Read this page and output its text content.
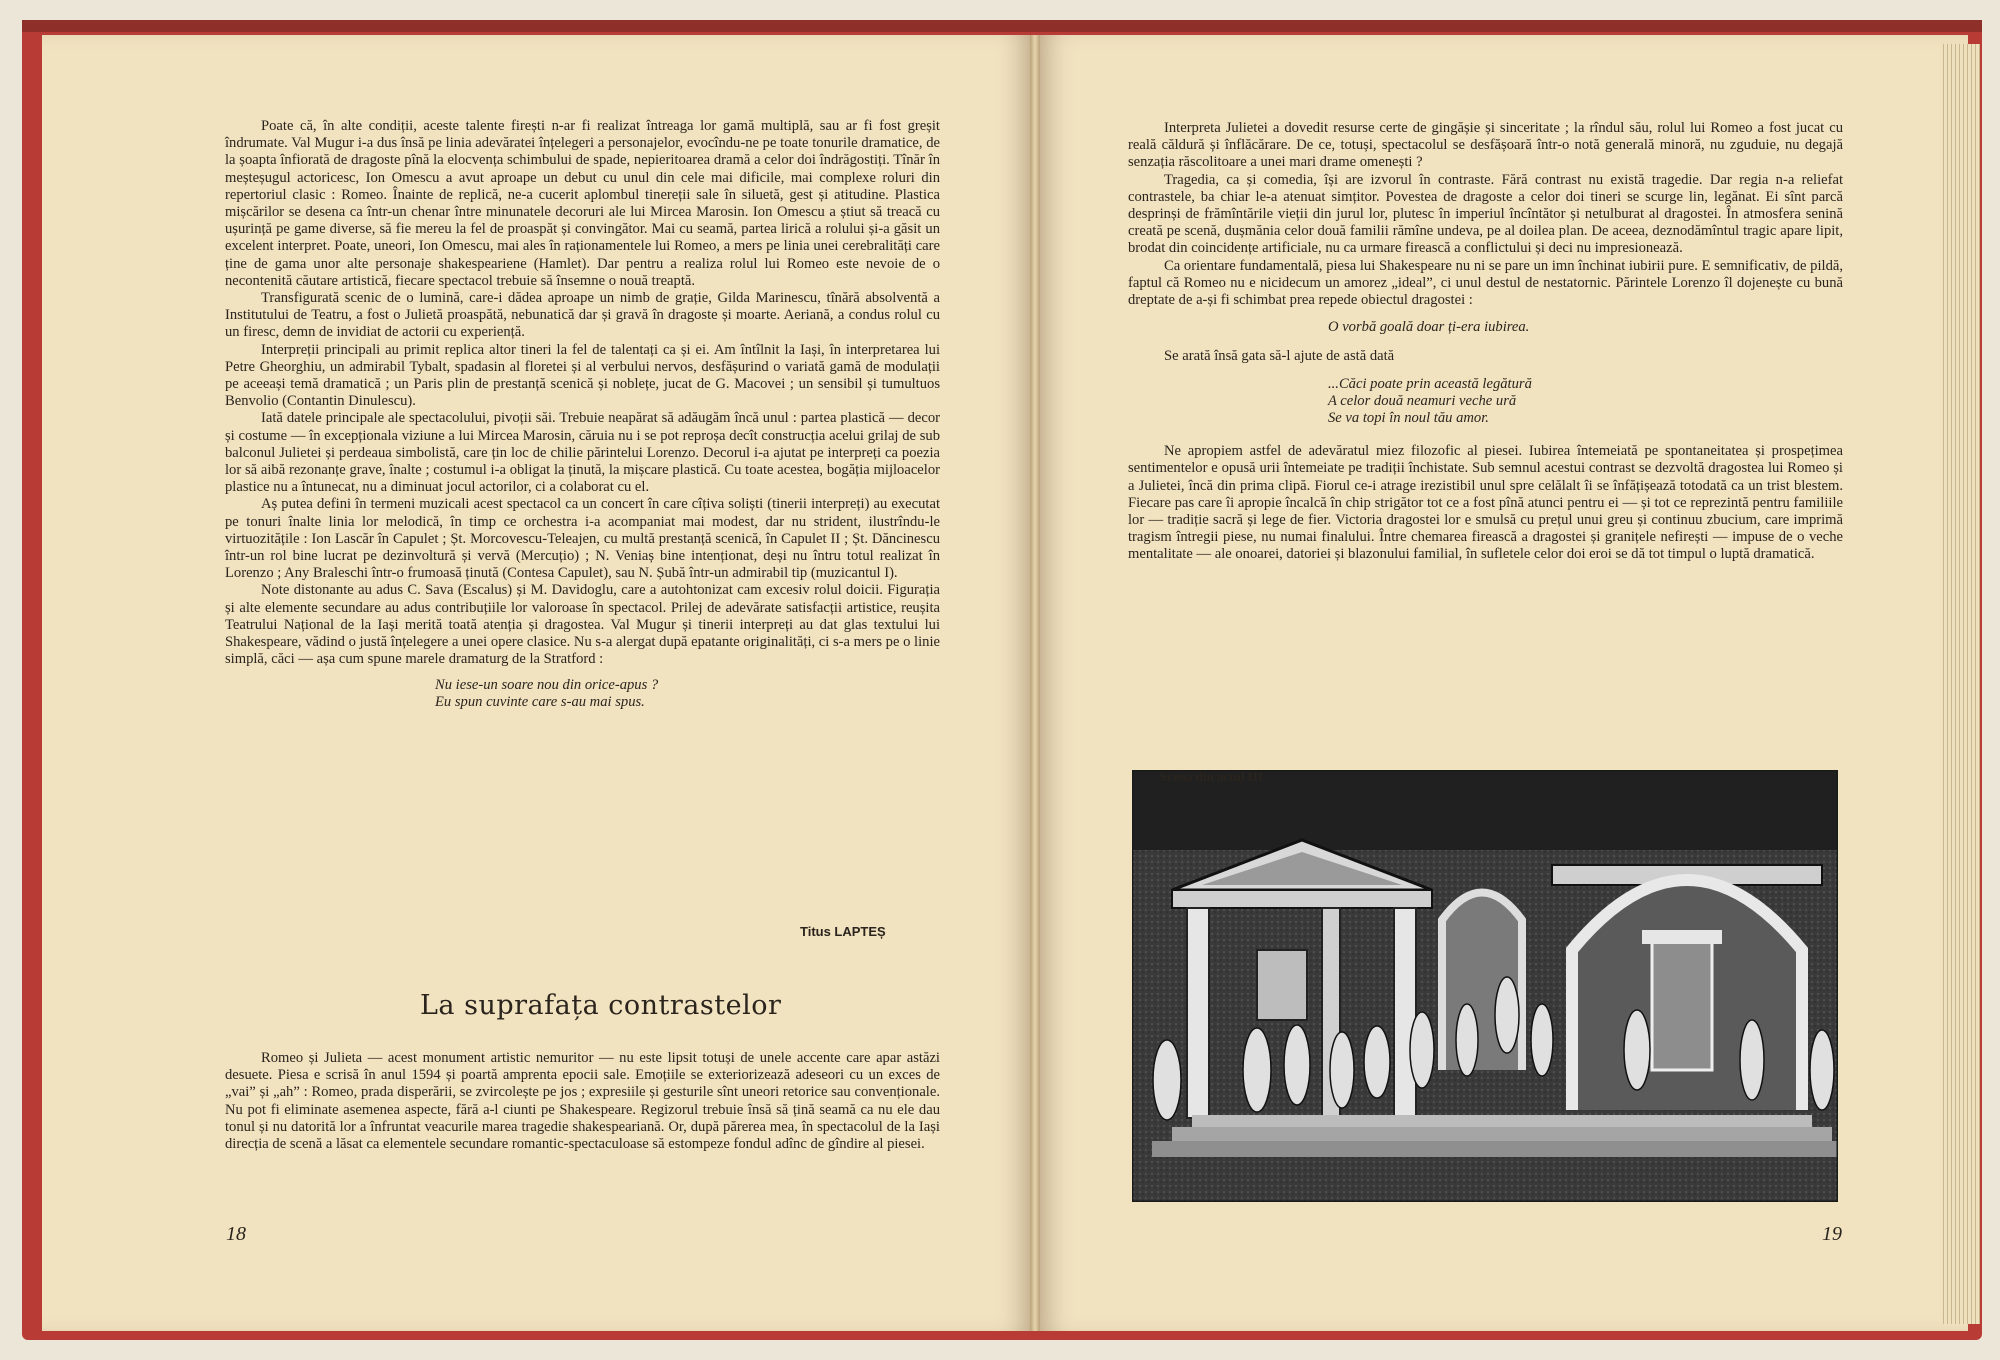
Poate că, în alte condiții, aceste talente firești n-ar fi realizat întreaga lor gamă multiplă, sau ar fi fost greșit îndrumate. Val Mugur i-a dus însă pe linia adevăratei înțelegeri a personajelor, evocîndu-ne pe toate tonurile dramatice, de la șoapta înfiorată de dragoste pînă la elocvența schimbului de spade, nepieritoarea dramă a celor doi îndrăgostiți. Tînăr în meșteșugul actoricesc, Ion Omescu a avut aproape un debut cu unul din cele mai dificile, mai complexe roluri din repertoriul clasic : Romeo. Înainte de replică, ne-a cucerit aplombul tinereții sale în siluetă, gest și atitudine. Plastica mișcărilor se desena ca într-un chenar între minunatele decoruri ale lui Mircea Marosin. Ion Omescu a știut să treacă cu ușurință pe game diverse, să fie mereu la fel de proaspăt și convingător. Mai cu seamă, partea lirică a rolului și-a găsit un excelent interpret. Poate, uneori, Ion Omescu, mai ales în raționamentele lui Romeo, a mers pe linia unei cerebralități care ține de gama unor alte personaje shakespeariene (Hamlet). Dar pentru a realiza rolul lui Romeo este nevoie de o necontenită căutare artistică, fiecare spectacol trebuie să însemne o nouă treaptă.

Transfigurată scenic de o lumină, care-i dădea aproape un nimb de grație, Gilda Marinescu, tînără absolventă a Institutului de Teatru, a fost o Julietă proaspătă, nebunatică dar și gravă în dragoste și moarte. Aeriană, a condus rolul cu un firesc, demn de invidiat de actorii cu experiență.

Interpreții principali au primit replica altor tineri la fel de talentați ca și ei. Am întîlnit la Iași, în interpretarea lui Petre Gheorghiu, un admirabil Tybalt, spadasin al floretei și al verbului nervos, desfășurind o variată gamă de modulații pe aceeași temă dramatică ; un Paris plin de prestanță scenică și noblețe, jucat de G. Macovei ; un sensibil și tumultuos Benvolio (Contantin Dinulescu).

Iată datele principale ale spectacolului, pivoții săi. Trebuie neapărat să adăugăm încă unul : partea plastică — decor și costume — în excepționala viziune a lui Mircea Marosin, căruia nu i se pot reproșa decît construcția acelui grilaj de sub balconul Julietei și perdeaua simbolistă, care țin loc de chilie părintelui Lorenzo. Decorul i-a ajutat pe interpreți ca poezia lor să aibă rezonanțe grave, înalte ; costumul i-a obligat la ținută, la mișcare plastică. Cu toate acestea, bogăția mijloacelor plastice nu a întunecat, nu a diminuat jocul actorilor, ci a colaborat cu el.

Aș putea defini în termeni muzicali acest spectacol ca un concert în care cîțiva soliști (tinerii interpreți) au executat pe tonuri înalte linia lor melodică, în timp ce orchestra i-a acompaniat mai modest, dar nu strident, ilustrîndu-le virtuozitățile : Ion Lascăr în Capulet ; Șt. Morcovescu-Teleajen, cu multă prestanță scenică, în Capulet II ; Șt. Dăncinescu într-un rol bine lucrat pe dezinvoltură și vervă (Mercuțio) ; N. Veniaș bine intenționat, deși nu întru totul realizat în Lorenzo ; Any Braleschi într-o frumoasă ținută (Contesa Capulet), sau N. Șubă într-un admirabil tip (muzicantul I).

Note distonante au adus C. Sava (Escalus) și M. Davidoglu, care a autohtonizat cam excesiv rolul doicii. Figurația și alte elemente secundare au adus contribuțiile lor valoroase în spectacol. Prilej de adevărate satisfacții artistice, reușita Teatrului Național de la Iași merită toată atenția și dragostea. Val Mugur și tinerii interpreți au dat glas textului lui Shakespeare, vădind o justă înțelegere a unei opere clasice. Nu s-a alergat după epatante originalități, ci s-a mers pe o linie simplă, căci — așa cum spune marele dramaturg de la Stratford :

Nu iese-un soare nou din orice-apus ?
Eu spun cuvinte care s-au mai spus.
Titus LAPTEȘ
La suprafața contrastelor

Romeo și Julieta — acest monument artistic nemuritor — nu este lipsit totuși de unele accente care apar astăzi desuete. Piesa e scrisă în anul 1594 și poartă amprenta epocii sale. Emoțiile se exteriorizează adeseori cu un exces de „vai” și „ah” : Romeo, prada disperării, se zvircolește pe jos ; expresiile și gesturile sînt uneori retorice sau convenționale. Nu pot fi eliminate asemenea aspecte, fără a-l ciunti pe Shakespeare. Regizorul trebuie însă să țină seamă ca nu ele dau tonul și nu datorită lor a înfruntat veacurile marea tragedie shakespeariană. Or, după părerea mea, în spectacolul de la Iași direcția de scenă a lăsat ca elementele secundare romantic-spectaculoase să estompeze fondul adînc de gîndire al piesei.

18

Interpreta Julietei a dovedit resurse certe de gingășie și sinceritate ; la rîndul său, rolul lui Romeo a fost jucat cu reală căldură și înflăcărare. De ce, totuși, spectacolul se desfășoară într-o notă generală minoră, nu zguduie, nu degajă senzația răscolitoare a unei mari drame omenești ?

Tragedia, ca și comedia, își are izvorul în contraste. Fără contrast nu există tragedie. Dar regia n-a reliefat contrastele, ba chiar le-a atenuat simțitor. Povestea de dragoste a celor doi tineri se scurge lin, legănat. Ei sînt parcă desprinși de frămîntările vieții din jurul lor, plutesc în imperiul încîntător și netulburat al dragostei. În atmosfera senină creată pe scenă, dușmănia celor două familii rămîne undeva, pe al doilea plan. De aceea, deznodămîntul tragic apare lipit, brodat din coincidențe artificiale, nu ca urmare firească a conflictului și deci nu impresionează.

Ca orientare fundamentală, piesa lui Shakespeare nu ni se pare un imn închinat iubirii pure. E semnificativ, de pildă, faptul că Romeo nu e nicidecum un amorez „ideal”, ci unul destul de nestatornic. Părintele Lorenzo îl dojenește cu bună dreptate de a-și fi schimbat prea repede obiectul dragostei :

O vorbă goală doar ți-era iubirea.

Se arată însă gata să-l ajute de astă dată

...Căci poate prin această legătură
A celor două neamuri veche ură
Se va topi în noul tău amor.

Ne apropiem astfel de adevăratul miez filozofic al piesei. Iubirea întemeiată pe spontaneitatea și prospețimea sentimentelor e opusă urii întemeiate pe tradiții închistate. Sub semnul acestui contrast se dezvoltă dragostea lui Romeo și a Julietei, încă din prima clipă. Fiorul ce-i atrage irezistibil unul spre celălalt îi se înfățișează totodată ca un trist blestem. Fiecare pas care îi apropie încalcă în chip strigător tot ce a fost pînă atunci pentru ei — și tot ce reprezintă pentru familiile lor — tradiție sacră și lege de fier. Victoria dragostei lor e smulsă cu prețul unui greu și continuu zbucium, care imprimă tragism întregii piese, nu numai finalului. Între chemarea firească a dragostei și granițele nefirești — impuse de o veche mentalitate — ale onoarei, datoriei și blazonului familial, în sufletele celor doi eroi se dă tot timpul o luptă dramatică.

Scenă din actul III
19
